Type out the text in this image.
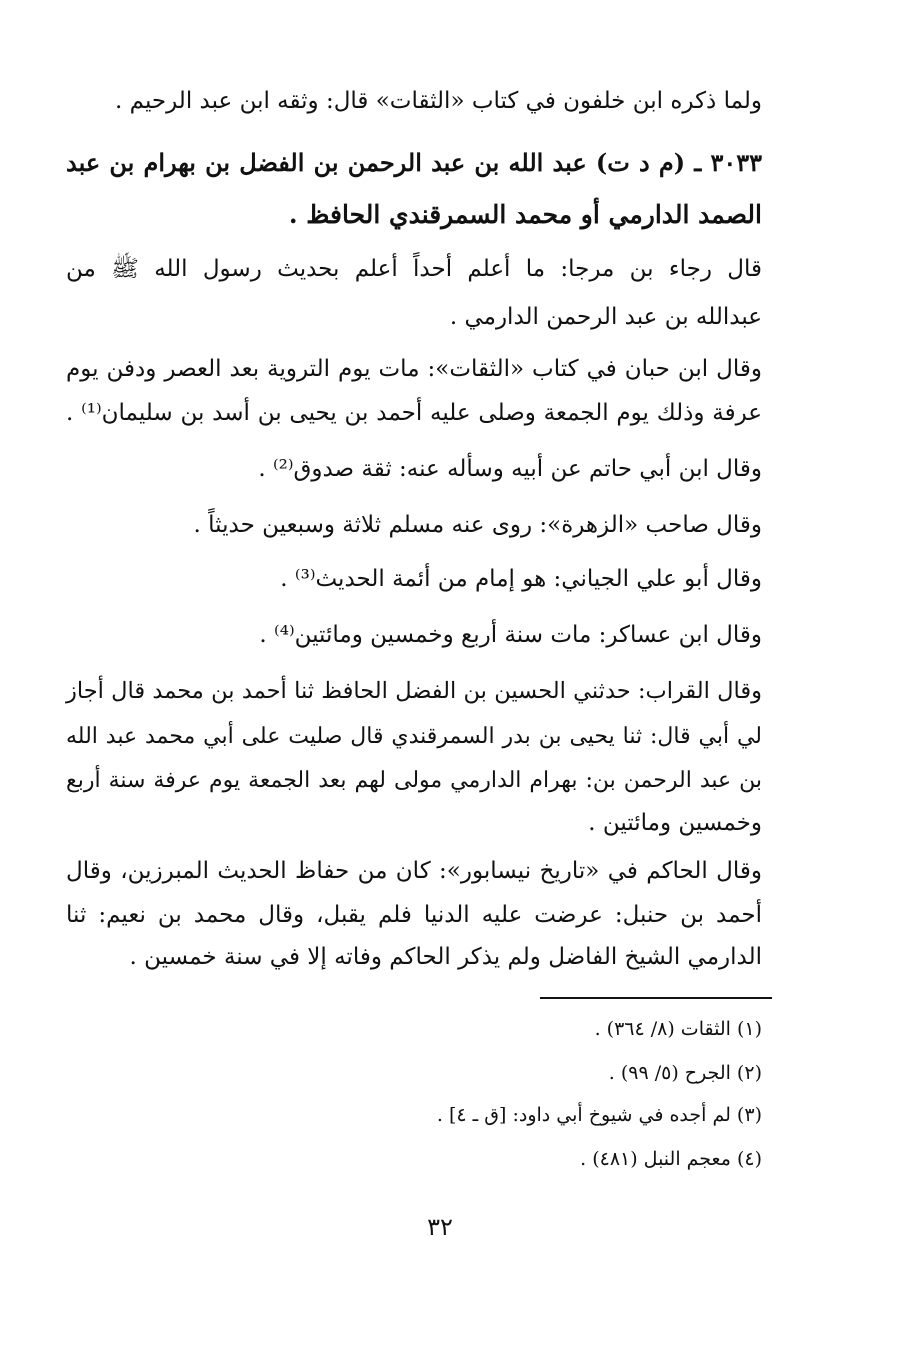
ولما ذكره ابن خلفون في كتاب «الثقات» قال: وثقه ابن عبد الرحيم .
٣٠٣٣ ـ (م د ت) عبد الله بن عبد الرحمن بن الفضل بن بهرام بن عبد
الصمد الدارمي أو محمد السمرقندي الحافظ .
قال رجاء بن مرجا: ما أعلم أحداً أعلم بحديث رسول الله ﷺ من
عبدالله بن عبد الرحمن الدارمي .
وقال ابن حبان في كتاب «الثقات»: مات يوم التروية بعد العصر ودفن يوم
عرفة وذلك يوم الجمعة وصلى عليه أحمد بن يحيى بن أسد بن سليمان⁽¹⁾ .
وقال ابن أبي حاتم عن أبيه وسأله عنه: ثقة صدوق⁽²⁾ .
وقال صاحب «الزهرة»: روى عنه مسلم ثلاثة وسبعين حديثاً .
وقال أبو علي الجياني: هو إمام من أئمة الحديث⁽³⁾ .
وقال ابن عساكر: مات سنة أربع وخمسين ومائتين⁽⁴⁾ .
وقال القراب: حدثني الحسين بن الفضل الحافظ ثنا أحمد بن محمد قال أجاز
لي أبي قال: ثنا يحيى بن بدر السمرقندي قال صليت على أبي محمد عبد الله
بن عبد الرحمن بن: بهرام الدارمي مولى لهم بعد الجمعة يوم عرفة سنة أربع
وخمسين ومائتين .
وقال الحاكم في «تاريخ نيسابور»: كان من حفاظ الحديث المبرزين، وقال
أحمد بن حنبل: عرضت عليه الدنيا فلم يقبل، وقال محمد بن نعيم: ثنا
الدارمي الشيخ الفاضل ولم يذكر الحاكم وفاته إلا في سنة خمسين .
(١) الثقات (٨/ ٣٦٤) .
(٢) الجرح (٥/ ٩٩) .
(٣) لم أجده في شيوخ أبي داود: [ق ـ ٤] .
(٤) معجم النبل (٤٨١) .
٣٢
